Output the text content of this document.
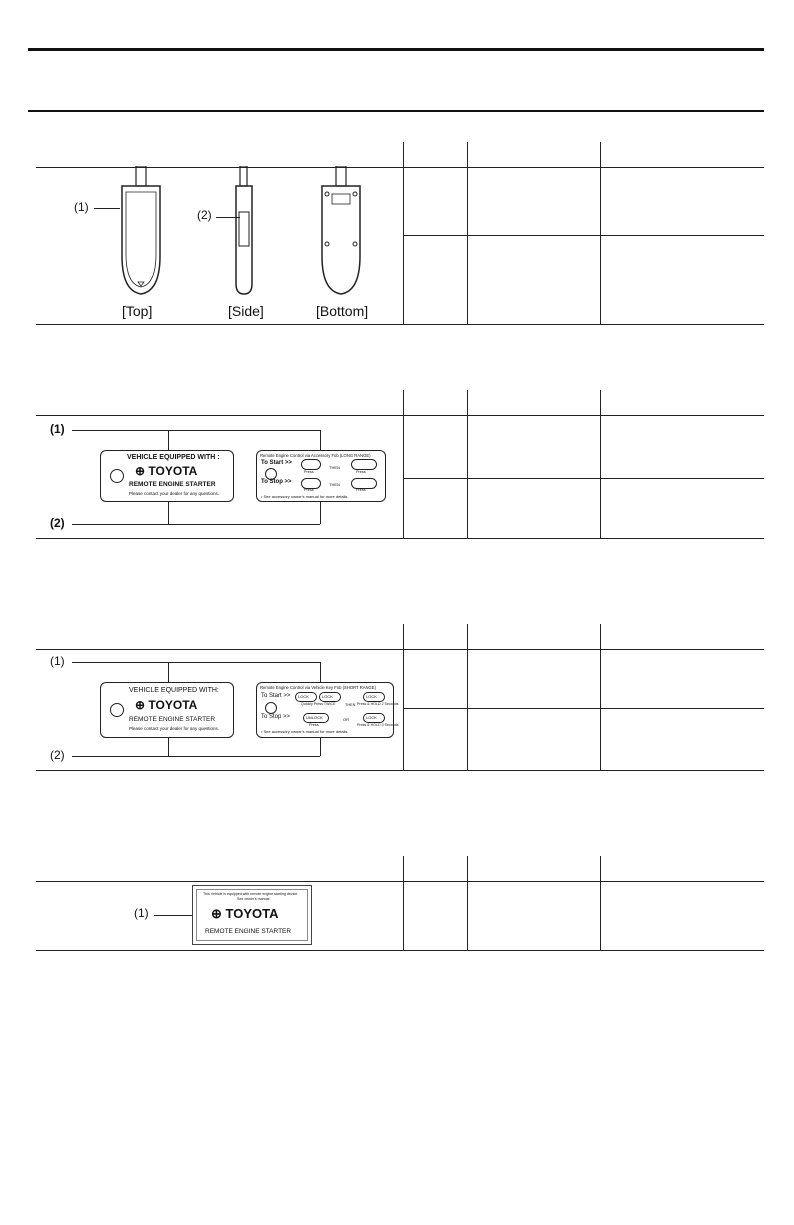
(1)
[Top]
(2)
[Side]	[Bottom]
(1)
(2)
VEHICLE EQUIPPED WITH :
⊕ TOYOTA
REMOTE ENGINE STARTER
Please contact your dealer for any questions.
Remote Engine Control via Accessory Fob (LONG RANGE)
To Start >>
THEN
Press	Press
To Stop >>	THEN
Press	Press
• See accessory owner's manual for more details.
(1)
(2)
VEHICLE EQUIPPED WITH:
⊕ TOYOTA
REMOTE ENGINE STARTER
Please contact your dealer for any questions.
Remote Engine Control via Vehicle Key Fob (SHORT RANGE)
To Start >> LOCK	LOCK	LOCK
Quickly Press TWICE	THEN Press & HOLD 2 Seconds
To Stop >>	UNLOCK	OR	LOCK
Press	Press & HOLD 3 Seconds
• See accessory owner's manual for more details.
(1)
This Vehicle is equipped with remote engine starting device.
See owner's manual
⊕ TOYOTA
REMOTE ENGINE STARTER
